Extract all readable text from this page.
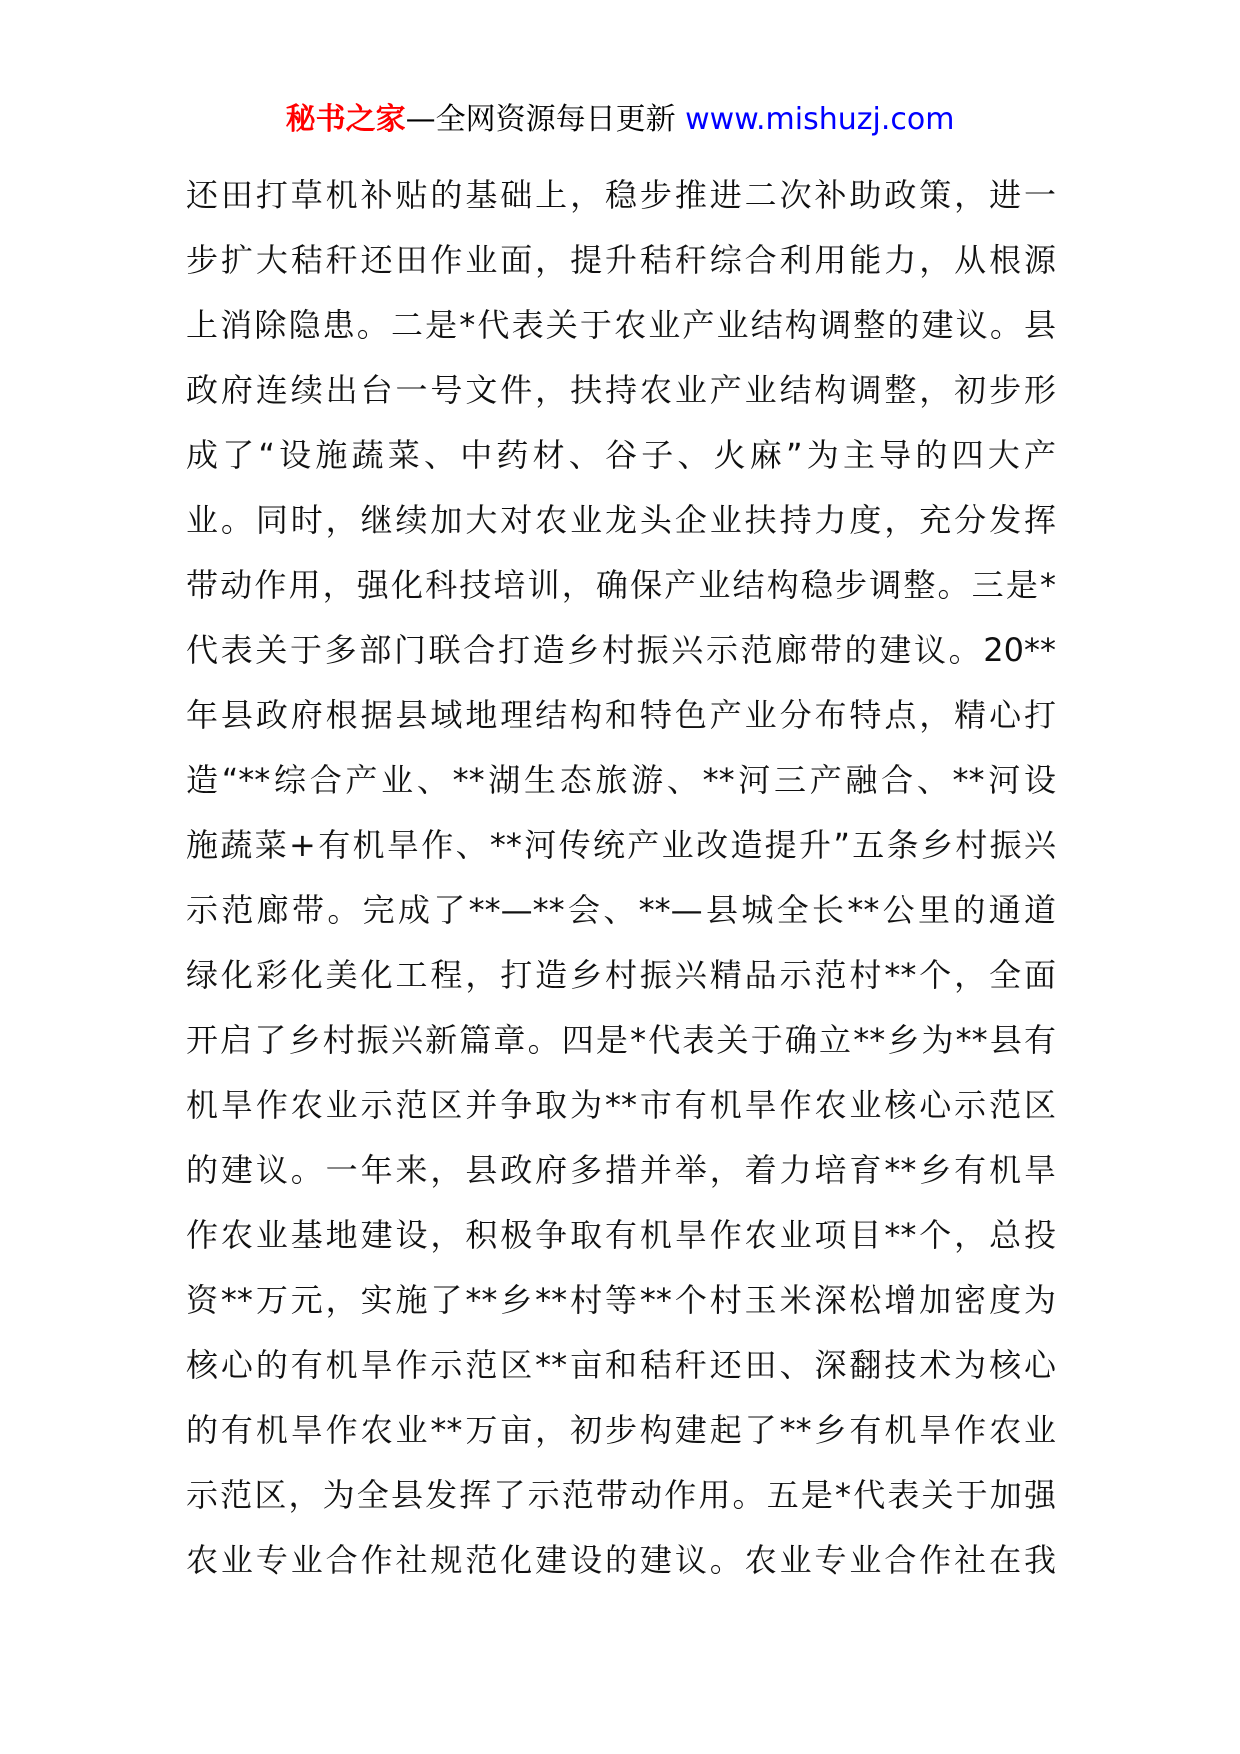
秘书之家—全网资源每日更新 www.mishuzj.com
还田打草机补贴的基础上，稳步推进二次补助政策，进一
步扩大秸秆还田作业面，提升秸秆综合利用能力，从根源
上消除隐患。二是*代表关于农业产业结构调整的建议。县
政府连续出台一号文件，扶持农业产业结构调整，初步形
成了“设施蔬菜、中药材、谷子、火麻”为主导的四大产
业。同时，继续加大对农业龙头企业扶持力度，充分发挥
带动作用，强化科技培训，确保产业结构稳步调整。三是*
代表关于多部门联合打造乡村振兴示范廊带的建议。20**
年县政府根据县域地理结构和特色产业分布特点，精心打
造“**综合产业、**湖生态旅游、**河三产融合、**河设
施蔬菜+有机旱作、**河传统产业改造提升”五条乡村振兴
示范廊带。完成了**—**会、**—县城全长**公里的通道
绿化彩化美化工程，打造乡村振兴精品示范村**个，全面
开启了乡村振兴新篇章。四是*代表关于确立**乡为**县有
机旱作农业示范区并争取为**市有机旱作农业核心示范区
的建议。一年来，县政府多措并举，着力培育**乡有机旱
作农业基地建设，积极争取有机旱作农业项目**个，总投
资**万元，实施了**乡**村等**个村玉米深松增加密度为
核心的有机旱作示范区**亩和秸秆还田、深翻技术为核心
的有机旱作农业**万亩，初步构建起了**乡有机旱作农业
示范区，为全县发挥了示范带动作用。五是*代表关于加强
农业专业合作社规范化建设的建议。农业专业合作社在我
